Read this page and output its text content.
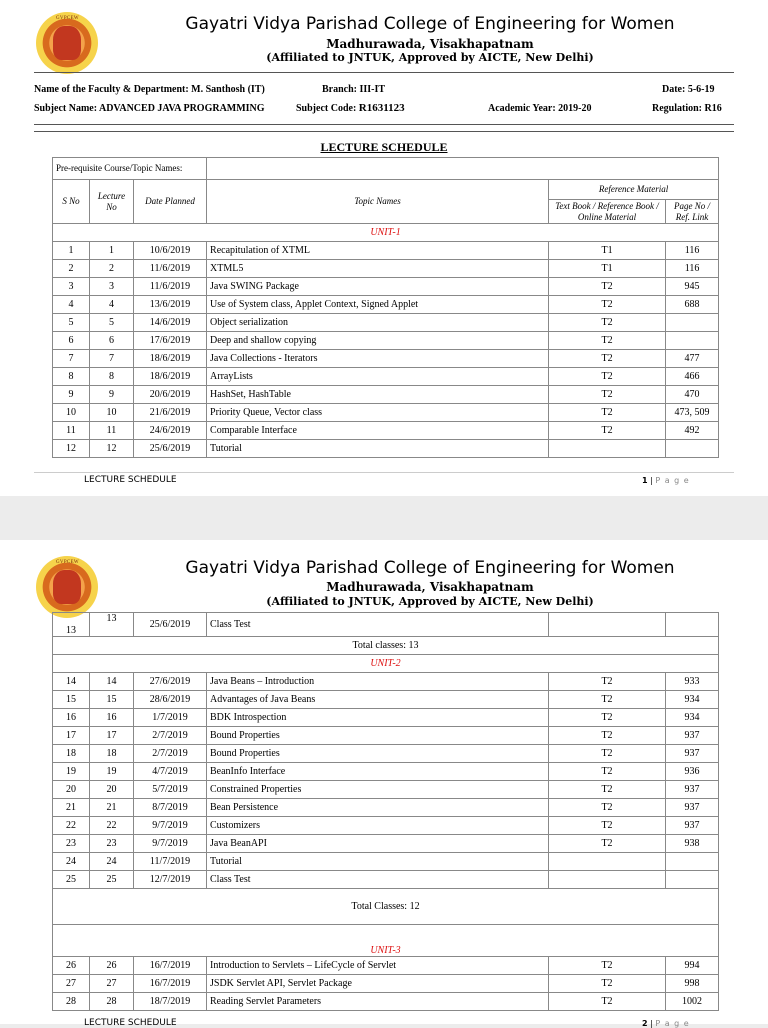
GVPCEW	Gayatri Vidya Parishad College of Engineering for Women
Madhurawada, Visakhapatnam
(Affiliated to JNTUK, Approved by AICTE, New Delhi)
Name of the Faculty & Department: M. Santhosh (IT)	Branch: III-IT	Date: 5-6-19
Subject Name: ADVANCED JAVA PROGRAMMING	Subject Code: R1631123	Academic Year: 2019-20	Regulation: R16
LECTURE SCHEDULE
Pre-requisite Course/Topic Names:					
S No	Lecture No	Date Planned	Topic Names	Reference Material	
				Text Book / Reference Book / Online Material	Page No / Ref. Link
UNIT-1					
1	1	10/6/2019	Recapitulation of XTML	T1	116
2	2	11/6/2019	XTML5	T1	116
3	3	11/6/2019	Java SWING Package	T2	945
4	4	13/6/2019	Use of System class, Applet Context, Signed Applet	T2	688
5	5	14/6/2019	Object serialization	T2	
6	6	17/6/2019	Deep and shallow copying	T2	
7	7	18/6/2019	Java Collections - Iterators	T2	477
8	8	18/6/2019	ArrayLists	T2	466
9	9	20/6/2019	HashSet, HashTable	T2	470
10	10	21/6/2019	Priority Queue, Vector class	T2	473, 509
11	11	24/6/2019	Comparable Interface	T2	492
12	12	25/6/2019	Tutorial		
LECTURE SCHEDULE	1 | P a g e
GVPCEW	Gayatri Vidya Parishad College of Engineering for Women
Madhurawada, Visakhapatnam
(Affiliated to JNTUK, Approved by AICTE, New Delhi)
13	13	25/6/2019	Class Test		
Total classes: 13					
UNIT-2					
14	14	27/6/2019	Java Beans – Introduction	T2	933
15	15	28/6/2019	Advantages of Java Beans	T2	934
16	16	1/7/2019	BDK Introspection	T2	934
17	17	2/7/2019	Bound Properties	T2	937
18	18	2/7/2019	Bound Properties	T2	937
19	19	4/7/2019	BeanInfo Interface	T2	936
20	20	5/7/2019	Constrained Properties	T2	937
21	21	8/7/2019	Bean Persistence	T2	937
22	22	9/7/2019	Customizers	T2	937
23	23	9/7/2019	Java BeanAPI	T2	938
24	24	11/7/2019	Tutorial		
25	25	12/7/2019	Class Test		
Total Classes: 12					
UNIT-3					
26	26	16/7/2019	Introduction to Servlets – LifeCycle of Servlet	T2	994
27	27	16/7/2019	JSDK Servlet API, Servlet Package	T2	998
28	28	18/7/2019	Reading Servlet Parameters	T2	1002
LECTURE SCHEDULE	2 | P a g e
